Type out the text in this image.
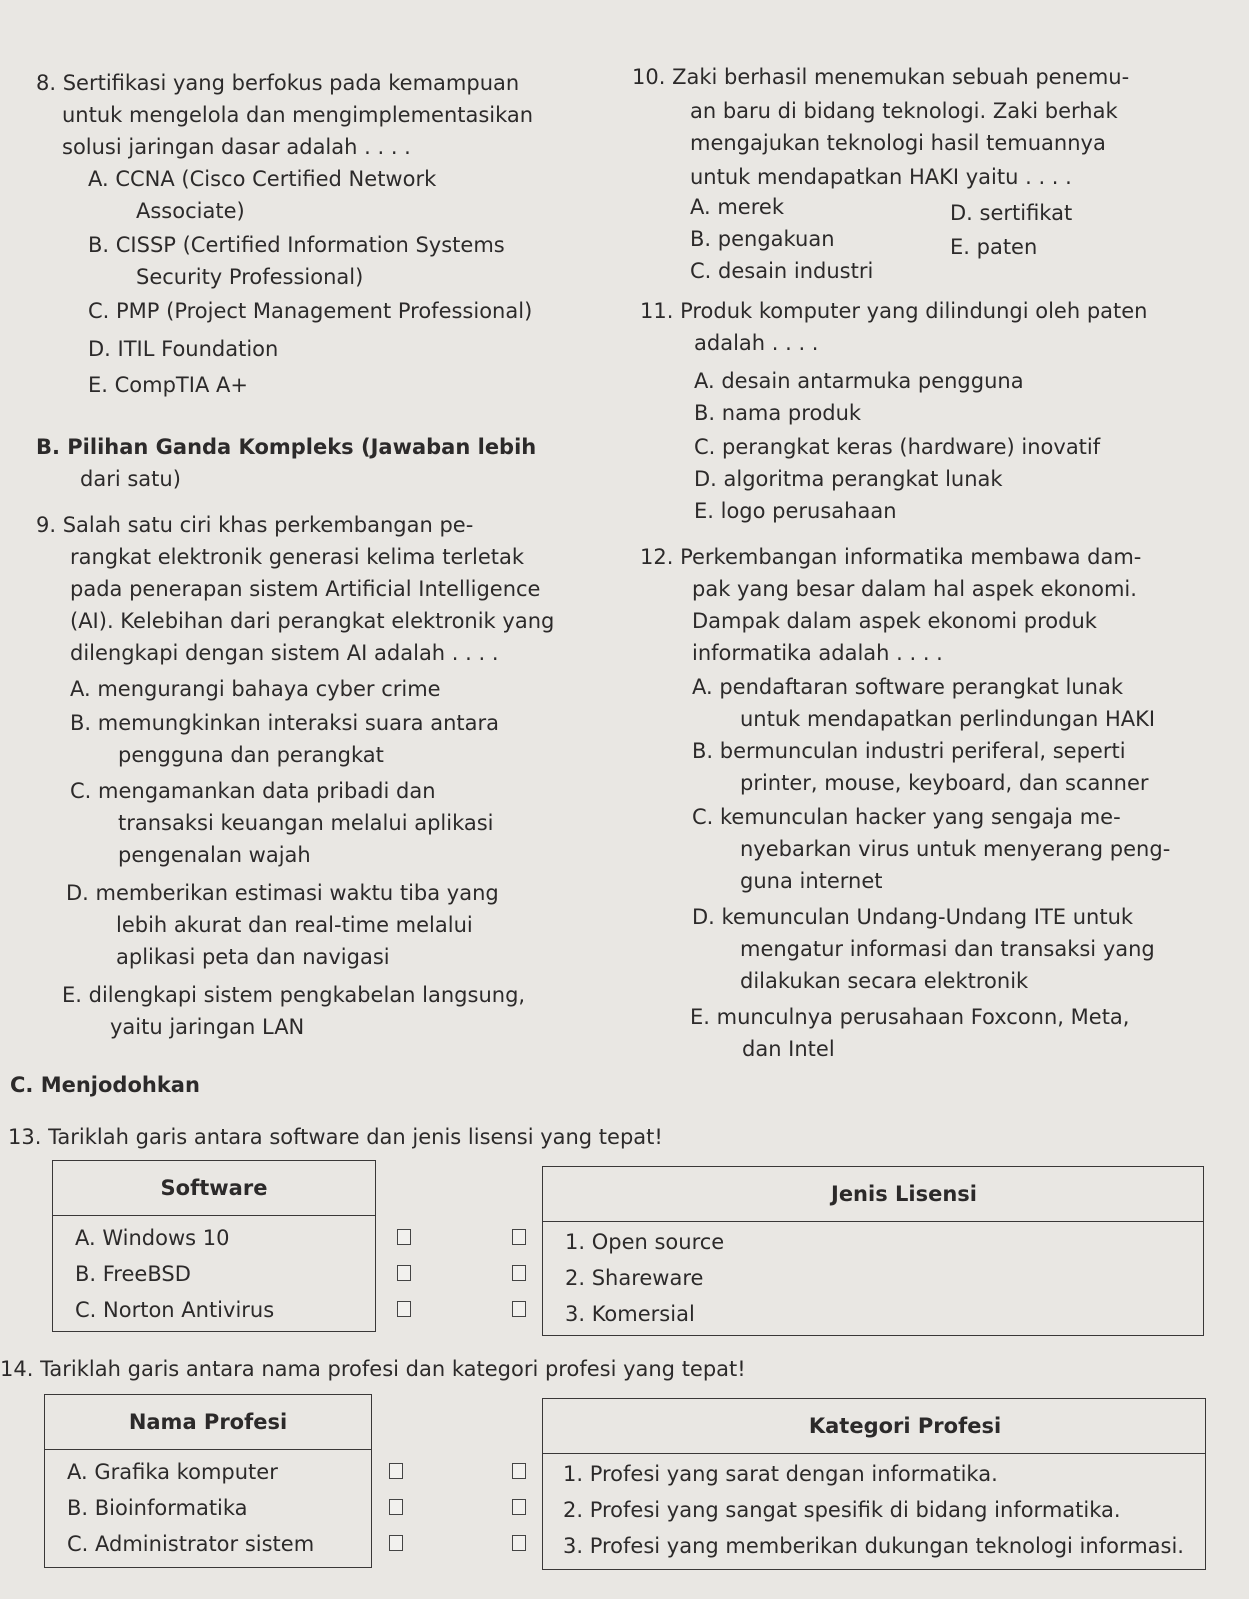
8. Sertifikasi yang berfokus pada kemampuan
untuk mengelola dan mengimplementasikan
solusi jaringan dasar adalah . . . .
A. CCNA (Cisco Certified Network
Associate)
B. CISSP (Certified Information Systems
Security Professional)
C. PMP (Project Management Professional)
D. ITIL Foundation
E. CompTIA A+
B. Pilihan Ganda Kompleks (Jawaban lebih
dari satu)
9. Salah satu ciri khas perkembangan pe-
rangkat elektronik generasi kelima terletak
pada penerapan sistem Artificial Intelligence
(AI). Kelebihan dari perangkat elektronik yang
dilengkapi dengan sistem AI adalah . . . .
A. mengurangi bahaya cyber crime
B. memungkinkan interaksi suara antara
pengguna dan perangkat
C. mengamankan data pribadi dan
transaksi keuangan melalui aplikasi
pengenalan wajah
D. memberikan estimasi waktu tiba yang
lebih akurat dan real-time melalui
aplikasi peta dan navigasi
E. dilengkapi sistem pengkabelan langsung,
yaitu jaringan LAN
10. Zaki berhasil menemukan sebuah penemu-
an baru di bidang teknologi. Zaki berhak
mengajukan teknologi hasil temuannya
untuk mendapatkan HAKI yaitu . . . .
A. merek
B. pengakuan
C. desain industri
D. sertifikat
E. paten
11. Produk komputer yang dilindungi oleh paten
adalah . . . .
A. desain antarmuka pengguna
B. nama produk
C. perangkat keras (hardware) inovatif
D. algoritma perangkat lunak
E. logo perusahaan
12. Perkembangan informatika membawa dam-
pak yang besar dalam hal aspek ekonomi.
Dampak dalam aspek ekonomi produk
informatika adalah . . . .
A. pendaftaran software perangkat lunak
untuk mendapatkan perlindungan HAKI
B. bermunculan industri periferal, seperti
printer, mouse, keyboard, dan scanner
C. kemunculan hacker yang sengaja me-
nyebarkan virus untuk menyerang peng-
guna internet
D. kemunculan Undang-Undang ITE untuk
mengatur informasi dan transaksi yang
dilakukan secara elektronik
E. munculnya perusahaan Foxconn, Meta,
dan Intel
C. Menjodohkan
13. Tariklah garis antara software dan jenis lisensi yang tepat!
Software
A. Windows 10
B. FreeBSD
C. Norton Antivirus
Jenis Lisensi
1. Open source
2. Shareware
3. Komersial
14. Tariklah garis antara nama profesi dan kategori profesi yang tepat!
Nama Profesi
A. Grafika komputer
B. Bioinformatika
C. Administrator sistem
Kategori Profesi
1. Profesi yang sarat dengan informatika.
2. Profesi yang sangat spesifik di bidang informatika.
3. Profesi yang memberikan dukungan teknologi informasi.
